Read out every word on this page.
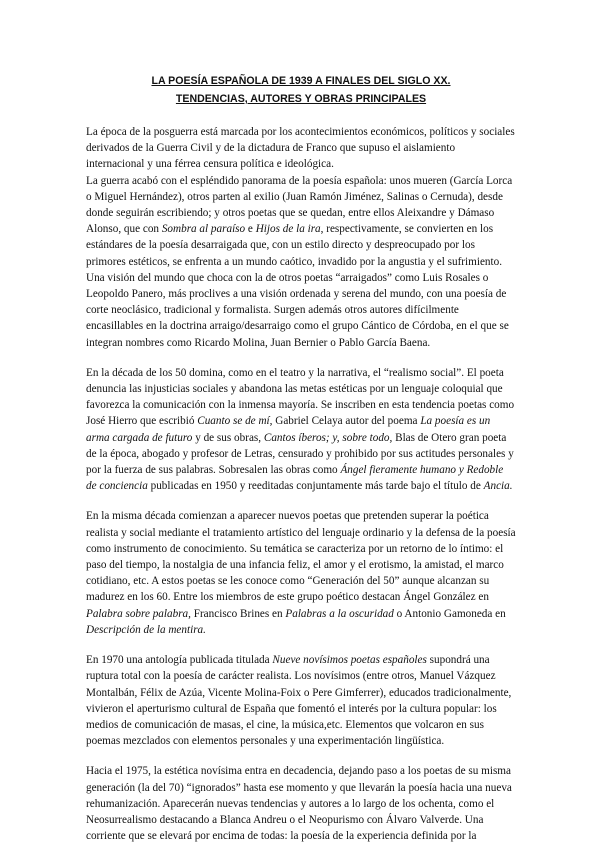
LA POESÍA ESPAÑOLA DE 1939 A FINALES DEL SIGLO XX.
TENDENCIAS, AUTORES Y OBRAS PRINCIPALES

La época de la posguerra está marcada por los acontecimientos económicos, políticos y sociales derivados de la Guerra Civil y de la dictadura de Franco que supuso el aislamiento internacional y una férrea censura política e ideológica.

La guerra acabó con el espléndido panorama de la poesía española: unos mueren (García Lorca o Miguel Hernández), otros parten al exilio (Juan Ramón Jiménez, Salinas o Cernuda), desde donde seguirán escribiendo; y otros poetas que se quedan, entre ellos Aleixandre y Dámaso Alonso, que con Sombra al paraíso e Hijos de la ira, respectivamente, se convierten en los estándares de la poesía desarraigada que, con un estilo directo y despreocupado por los primores estéticos, se enfrenta a un mundo caótico, invadido por la angustia y el sufrimiento. Una visión del mundo que choca con la de otros poetas “arraigados” como Luis Rosales o Leopoldo Panero, más proclives a una visión ordenada y serena del mundo, con una poesía de corte neoclásico, tradicional y formalista. Surgen además otros autores difícilmente encasillables en la doctrina arraigo/desarraigo como el grupo Cántico de Córdoba, en el que se integran nombres como Ricardo Molina, Juan Bernier o Pablo García Baena.

En la década de los 50 domina, como en el teatro y la narrativa, el “realismo social”. El poeta denuncia las injusticias sociales y abandona las metas estéticas por un lenguaje coloquial que favorezca la comunicación con la inmensa mayoría. Se inscriben en esta tendencia poetas como José Hierro que escribió Cuanto se de mí, Gabriel Celaya autor del poema La poesía es un arma cargada de futuro y de sus obras, Cantos íberos; y, sobre todo, Blas de Otero gran poeta de la época, abogado y profesor de Letras, censurado y prohibido por sus actitudes personales y por la fuerza de sus palabras. Sobresalen las obras como Ángel fieramente humano y Redoble de conciencia publicadas en 1950 y reeditadas conjuntamente más tarde bajo el título de Ancia.

En la misma década comienzan a aparecer nuevos poetas que pretenden superar la poética realista y social mediante el tratamiento artístico del lenguaje ordinario y la defensa de la poesía como instrumento de conocimiento. Su temática se caracteriza por un retorno de lo íntimo: el paso del tiempo, la nostalgia de una infancia feliz, el amor y el erotismo, la amistad, el marco cotidiano, etc. A estos poetas se les conoce como “Generación del 50” aunque alcanzan su madurez en los 60. Entre los miembros de este grupo poético destacan Ángel González en Palabra sobre palabra, Francisco Brines en Palabras a la oscuridad o Antonio Gamoneda en Descripción de la mentira.

En 1970 una antología publicada titulada Nueve novísimos poetas españoles supondrá una ruptura total con la poesía de carácter realista. Los novísimos (entre otros, Manuel Vázquez Montalbán, Félix de Azúa, Vicente Molina-Foix o Pere Gimferrer), educados tradicionalmente, vivieron el aperturismo cultural de España que fomentó el interés por la cultura popular: los medios de comunicación de masas, el cine, la música,etc. Elementos que volcaron en sus poemas mezclados con elementos personales y una experimentación lingüística.

Hacia el 1975, la estética novísima entra en decadencia, dejando paso a los poetas de su misma generación (la del 70) “ignorados” hasta ese momento y que llevarán la poesía hacia una nueva rehumanización. Aparecerán nuevas tendencias y autores a lo largo de los ochenta, como el Neosurrealismo destacando a Blanca Andreu o el Neopurismo con Álvaro Valverde. Una corriente que se elevará por encima de todas: la poesía de la experiencia definida por la
